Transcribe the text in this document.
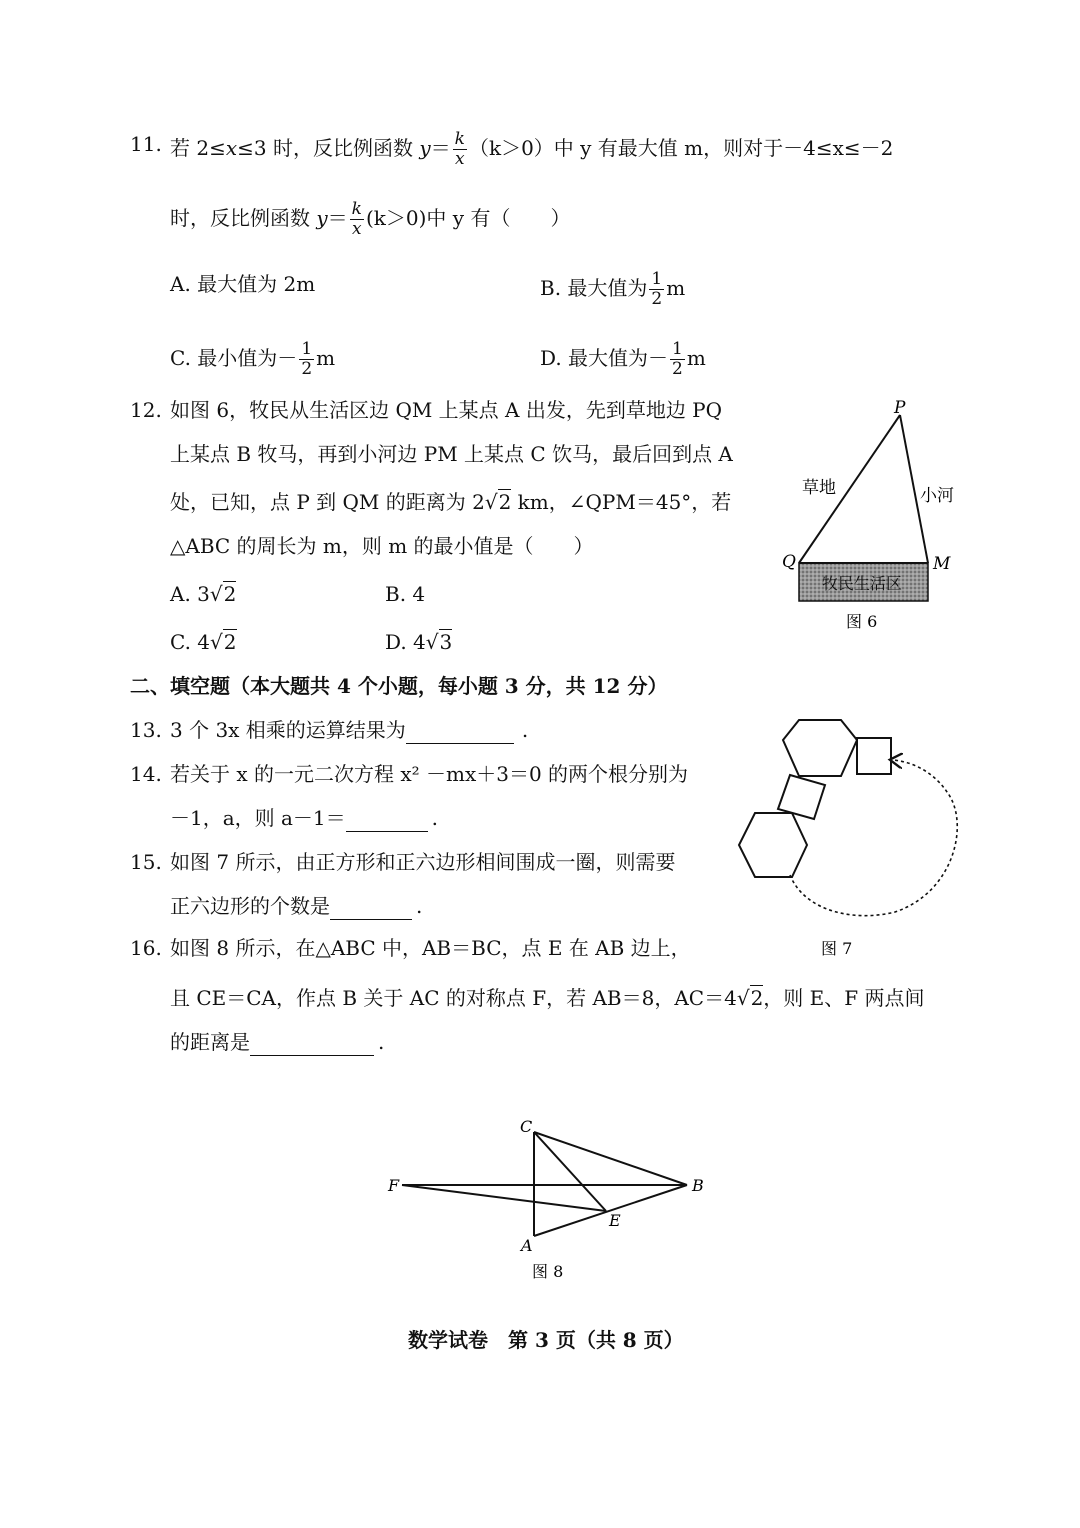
11. 若 2≤x≤3 时，反比例函数 $y= \frac{k}{x} (k>0)$中 y 有最大值 m，则对于－4≤x≤－2
时，反比例函数 $y= \frac{k}{x} (k>0)$中 y 有（　　）
A. 最大值为 2m	B. 最大值为 $\frac{1}{2}$ m
C. 最小值为－ $\frac{1}{2}$ m	D. 最大值为－ $\frac{1}{2}$ m
12. 如图 6，牧民从生活区边 QM 上某点 A 出发，先到草地边 PQ
上某点 B 牧马，再到小河边 PM 上某点 C 饮马，最后回到点 A
处，已知，点 P 到 QM 的距离为 2√2 km，∠QPM＝45°，若
△ABC 的周长为 m，则 m 的最小值是（　　）
A. 3√2	B. 4
C. 4√2	D. 4√3
P
Q	M
草地	小河
牧民生活区
图 6
二、填空题（本大题共 4 个小题，每小题 3 分，共 12 分）
13. 3 个 3x 相乘的运算结果为	.
14. 若关于 x 的一元二次方程 x² －mx＋3＝0 的两个根分别为
－1，a，则 a－1＝	.
15. 如图 7 所示，由正方形和正六边形相间围成一圈，则需要
正六边形的个数是	.
图 7
16. 如图 8 所示，在△ABC 中，AB＝BC，点 E 在 AB 边上，
且 CE＝CA，作点 B 关于 AC 的对称点 F，若 AB＝8，AC＝4√2，则 E、F 两点间
的距离是	.
C
F	B
E
A
图 8
数学试卷　第 3 页（共 8 页）
